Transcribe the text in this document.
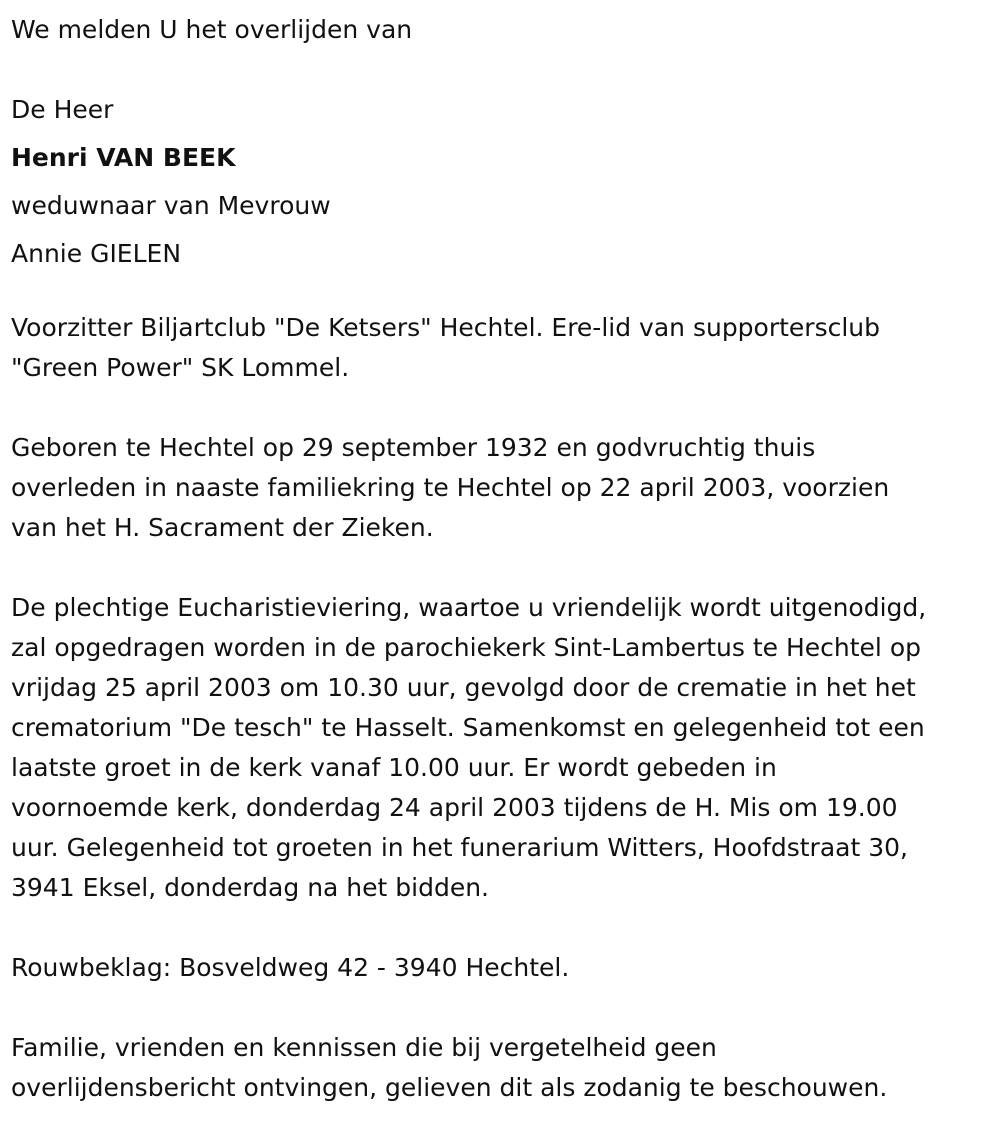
We melden U het overlijden van

De Heer

Henri VAN BEEK

weduwnaar van Mevrouw

Annie GIELEN

Voorzitter Biljartclub "De Ketsers" Hechtel. Ere-lid van supportersclub
"Green Power" SK Lommel.

Geboren te Hechtel op 29 september 1932 en godvruchtig thuis
overleden in naaste familiekring te Hechtel op 22 april 2003, voorzien
van het H. Sacrament der Zieken.

De plechtige Eucharistieviering, waartoe u vriendelijk wordt uitgenodigd,
zal opgedragen worden in de parochiekerk Sint-Lambertus te Hechtel op
vrijdag 25 april 2003 om 10.30 uur, gevolgd door de crematie in het het
crematorium "De tesch" te Hasselt. Samenkomst en gelegenheid tot een
laatste groet in de kerk vanaf 10.00 uur. Er wordt gebeden in
voornoemde kerk, donderdag 24 april 2003 tijdens de H. Mis om 19.00
uur. Gelegenheid tot groeten in het funerarium Witters, Hoofdstraat 30,
3941 Eksel, donderdag na het bidden.

Rouwbeklag: Bosveldweg 42 - 3940 Hechtel.

Familie, vrienden en kennissen die bij vergetelheid geen
overlijdensbericht ontvingen, gelieven dit als zodanig te beschouwen.
